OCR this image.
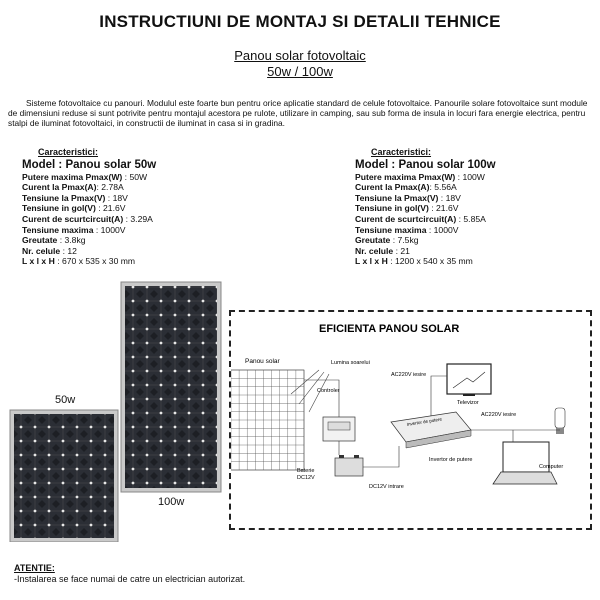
INSTRUCTIUNI DE MONTAJ SI DETALII TEHNICE
Panou solar fotovoltaic
50w / 100w
Sisteme fotovoltaice cu panouri. Modulul este foarte bun pentru orice aplicatie standard de celule fotovoltaice. Panourile solare fotovoltaice sunt module de dimensiuni reduse si sunt potrivite pentru montajul acestora pe rulote, utilizare in camping, sau sub forma de insula in locuri fara energie electrica, pentru stalpi de iluminat fotovoltaici, in constructii de iluminat in casa si in gradina.
Caracteristici:
Model : Panou solar 50w
Putere maxima Pmax(W) : 50W
Curent la Pmax(A): 2.78A
Tensiune la Pmax(V) : 18V
Tensiune in gol(V) : 21.6V
Curent de scurtcircuit(A) : 3.29A
Tensiune maxima : 1000V
Greutate : 3.8kg
Nr. celule : 12
L x l x H : 670 x 535 x 30 mm
Caracteristici:
Model : Panou solar 100w
Putere maxima Pmax(W) : 100W
Curent la Pmax(A): 5.56A
Tensiune la Pmax(V) : 18V
Tensiune in gol(V) : 21.6V
Curent de scurtcircuit(A) : 5.85A
Tensiune maxima : 1000V
Greutate : 7.5kg
Nr. celule : 21
L x l x H : 1200 x 540 x 35 mm
50w
100w
EFICIENTA PANOU SOLAR
Panou solar	Lumina soarelui
Controler
Baterie
DC12V
DC12V intrare
Invertor de putere
Invertor de putere
AC220V iesire
Televizor
AC220V iesire
Computer
ATENTIE:
-Instalarea se face numai de catre un electrician autorizat.
